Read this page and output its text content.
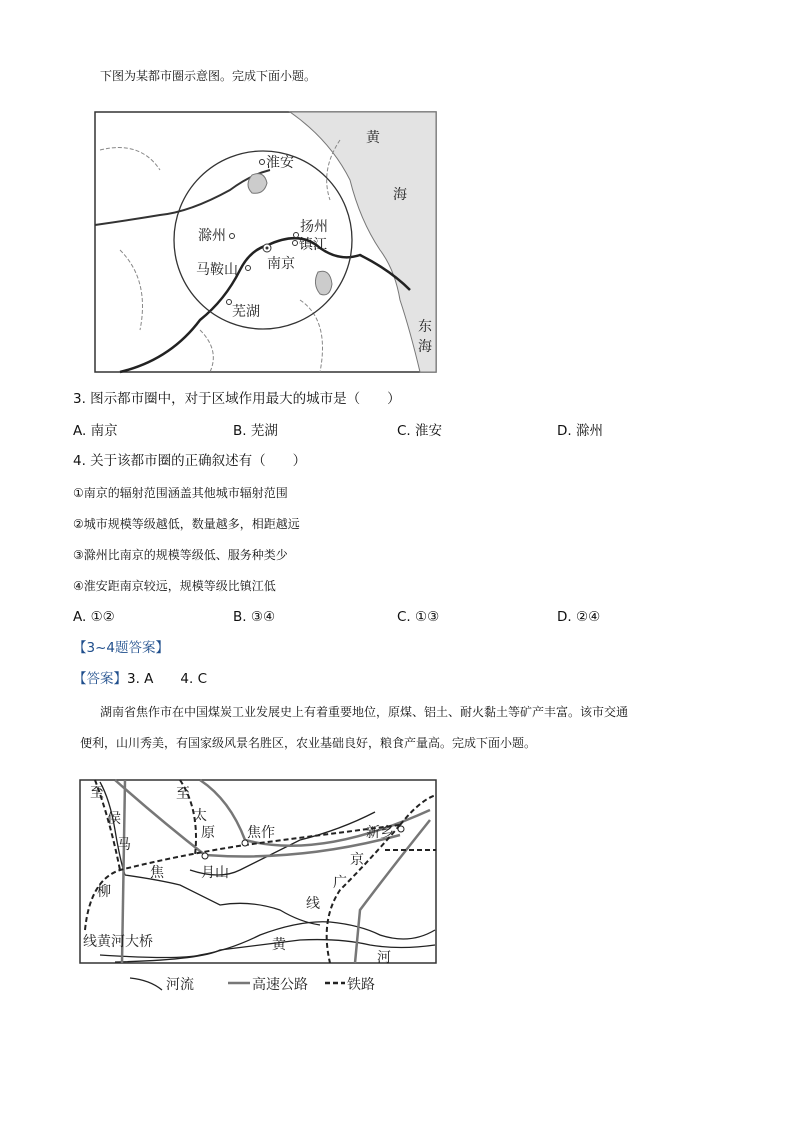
下图为某都市圈示意图。完成下面小题。
黄
海
东
海
淮安
扬州
镇江
滁州
南京
马鞍山
芜湖
3. 图示都市圈中，对于区域作用最大的城市是（　　）
A. 南京	B. 芜湖	C. 淮安	D. 滁州
4. 关于该都市圈的正确叙述有（　　）
①南京的辐射范围涵盖其他城市辐射范围
②城市规模等级越低，数量越多，相距越远
③滁州比南京的规模等级低、服务种类少
④淮安距南京较远，规模等级比镇江低
A. ①②	B. ③④	C. ①③	D. ②④
【3~4题答案】
【答案】3. A　　4. C
湖南省焦作市在中国煤炭工业发展史上有着重要地位，原煤、铝土、耐火黏土等矿产丰富。该市交通
便利，山川秀美，有国家级风景名胜区，农业基础良好，粮食产量高。完成下面小题。
至
侯
马
柳
线黄河大桥
至
太
原 焦作	新乡
焦	月山
京
广
线
黄
河
河流	高速公路	铁路
